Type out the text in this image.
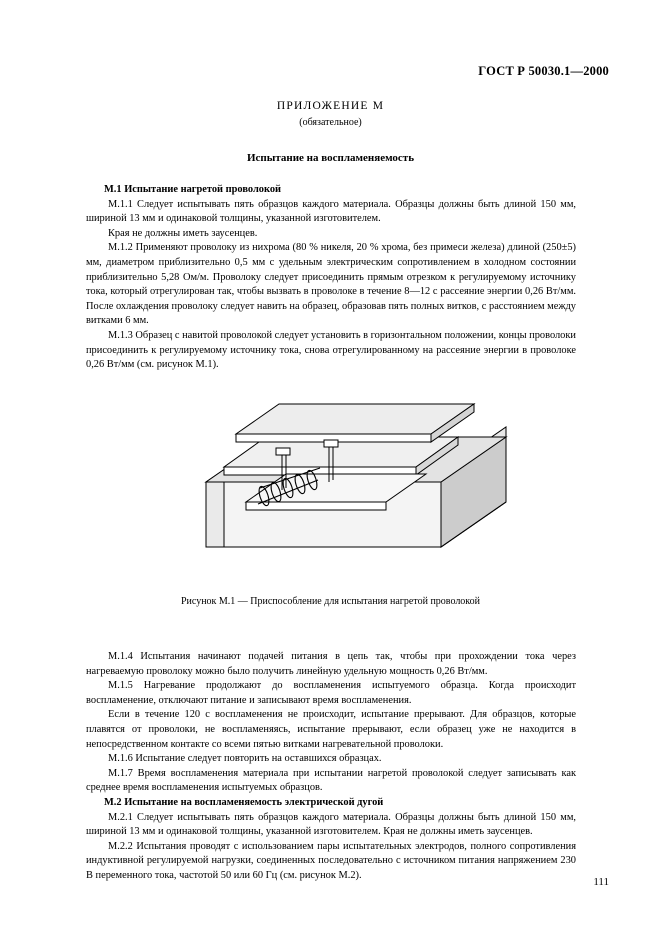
ГОСТ Р 50030.1—2000
ПРИЛОЖЕНИЕ М
(обязательное)
Испытание на воспламеняемость
М.1 Испытание нагретой проволокой

М.1.1 Следует испытывать пять образцов каждого материала. Образцы должны быть длиной 150 мм, шириной 13 мм и одинаковой толщины, указанной изготовителем.

Края не должны иметь заусенцев.

М.1.2 Применяют проволоку из нихрома (80 % никеля, 20 % хрома, без примеси железа) длиной (250±5) мм, диаметром приблизительно 0,5 мм с удельным электрическим сопротивлением в холодном состоянии приблизительно 5,28 Ом/м. Проволоку следует присоединить прямым отрезком к регулируемому источнику тока, который отрегулирован так, чтобы вызвать в проволоке в течение 8—12 с рассеяние энергии 0,26 Вт/мм. После охлаждения проволоку следует навить на образец, образовав пять полных витков, с расстоянием между витками 6 мм.

М.1.3 Образец с навитой проволокой следует установить в горизонтальном положении, концы проволоки присоединить к регулируемому источнику тока, снова отрегулированному на рассеяние энергии в проволоке 0,26 Вт/мм (см. рисунок М.1).

Рисунок М.1 — Приспособление для испытания нагретой проволокой

М.1.4 Испытания начинают подачей питания в цепь так, чтобы при прохождении тока через нагреваемую проволоку можно было получить линейную удельную мощность 0,26 Вт/мм.

М.1.5 Нагревание продолжают до воспламенения испытуемого образца. Когда происходит воспламенение, отключают питание и записывают время воспламенения.

Если в течение 120 с воспламенения не происходит, испытание прерывают. Для образцов, которые плавятся от проволоки, не воспламеняясь, испытание прерывают, если образец уже не находится в непосредственном контакте со всеми пятью витками нагревательной проволоки.

М.1.6 Испытание следует повторить на оставшихся образцах.

М.1.7 Время воспламенения материала при испытании нагретой проволокой следует записывать как среднее время воспламенения испытуемых образцов.

М.2 Испытание на воспламеняемость электрической дугой

М.2.1 Следует испытывать пять образцов каждого материала. Образцы должны быть длиной 150 мм, шириной 13 мм и одинаковой толщины, указанной изготовителем. Края не должны иметь заусенцев.

М.2.2 Испытания проводят с использованием пары испытательных электродов, полного сопротивления индуктивной регулируемой нагрузки, соединенных последовательно с источником питания напряжением 230 В переменного тока, частотой 50 или 60 Гц (см. рисунок М.2).

111
